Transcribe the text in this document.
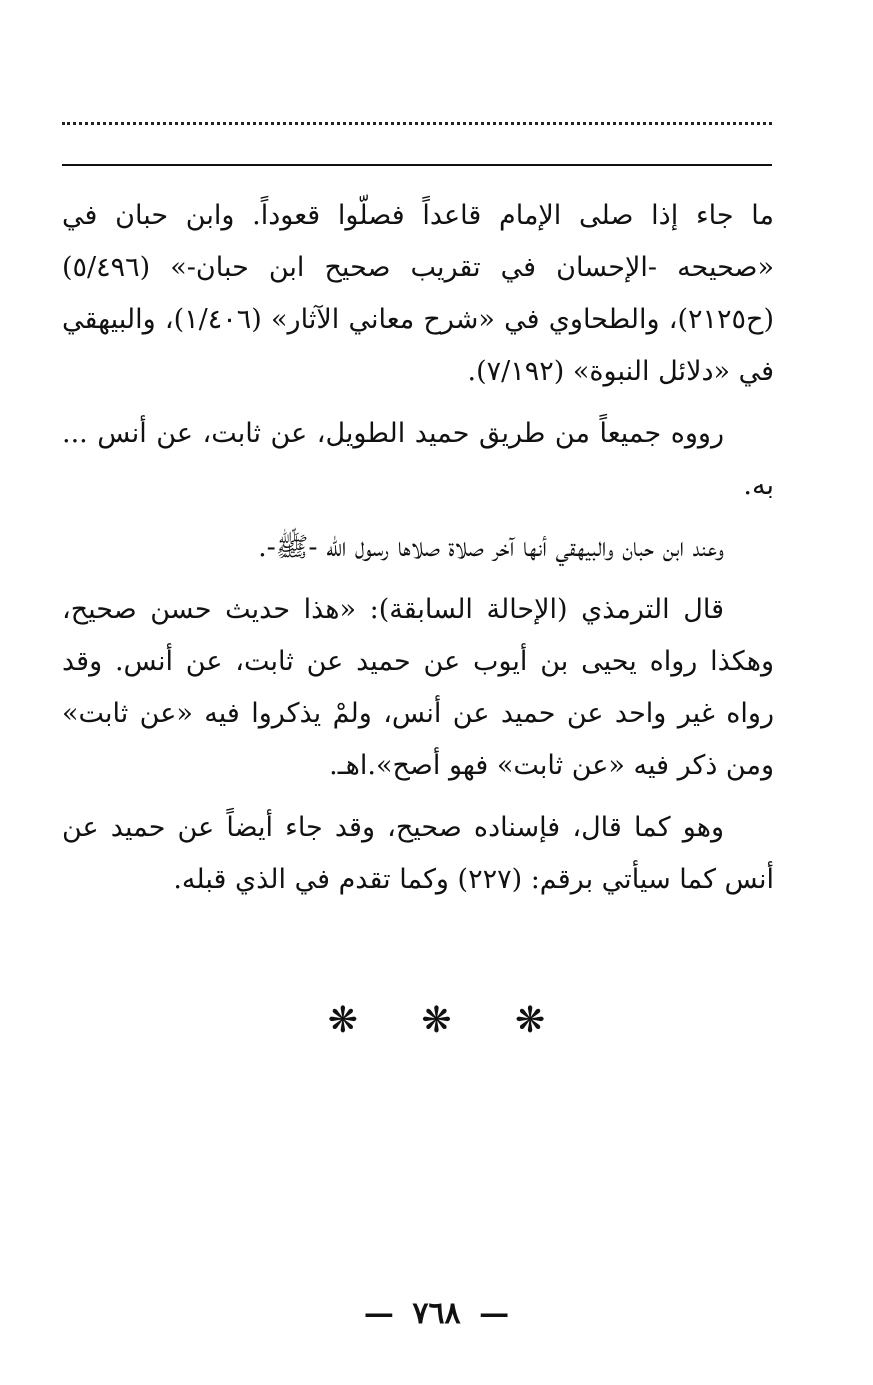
ما جاء إذا صلى الإمام قاعداً فصلّوا قعوداً. وابن حبان في «صحيحه -الإحسان في تقريب صحيح ابن حبان-» (٥/٤٩٦) (ح٢١٢٥)، والطحاوي في «شرح معاني الآثار» (١/٤٠٦)، والبيهقي في «دلائل النبوة» (٧/١٩٢).

رووه جميعاً من طريق حميد الطويل، عن ثابت، عن أنس ... به.

وعند ابن حبان والبيهقي أنها آخر صلاة صلاها رسول الله -ﷺ-.

قال الترمذي (الإحالة السابقة): «هذا حديث حسن صحيح، وهكذا رواه يحيى بن أيوب عن حميد عن ثابت، عن أنس. وقد رواه غير واحد عن حميد عن أنس، ولمْ يذكروا فيه «عن ثابت» ومن ذكر فيه «عن ثابت» فهو أصح».اهـ.

وهو كما قال، فإسناده صحيح، وقد جاء أيضاً عن حميد عن أنس كما سيأتي برقم: (٢٢٧) وكما تقدم في الذي قبله.

❋ ❋ ❋
— ٧٦٨ —
